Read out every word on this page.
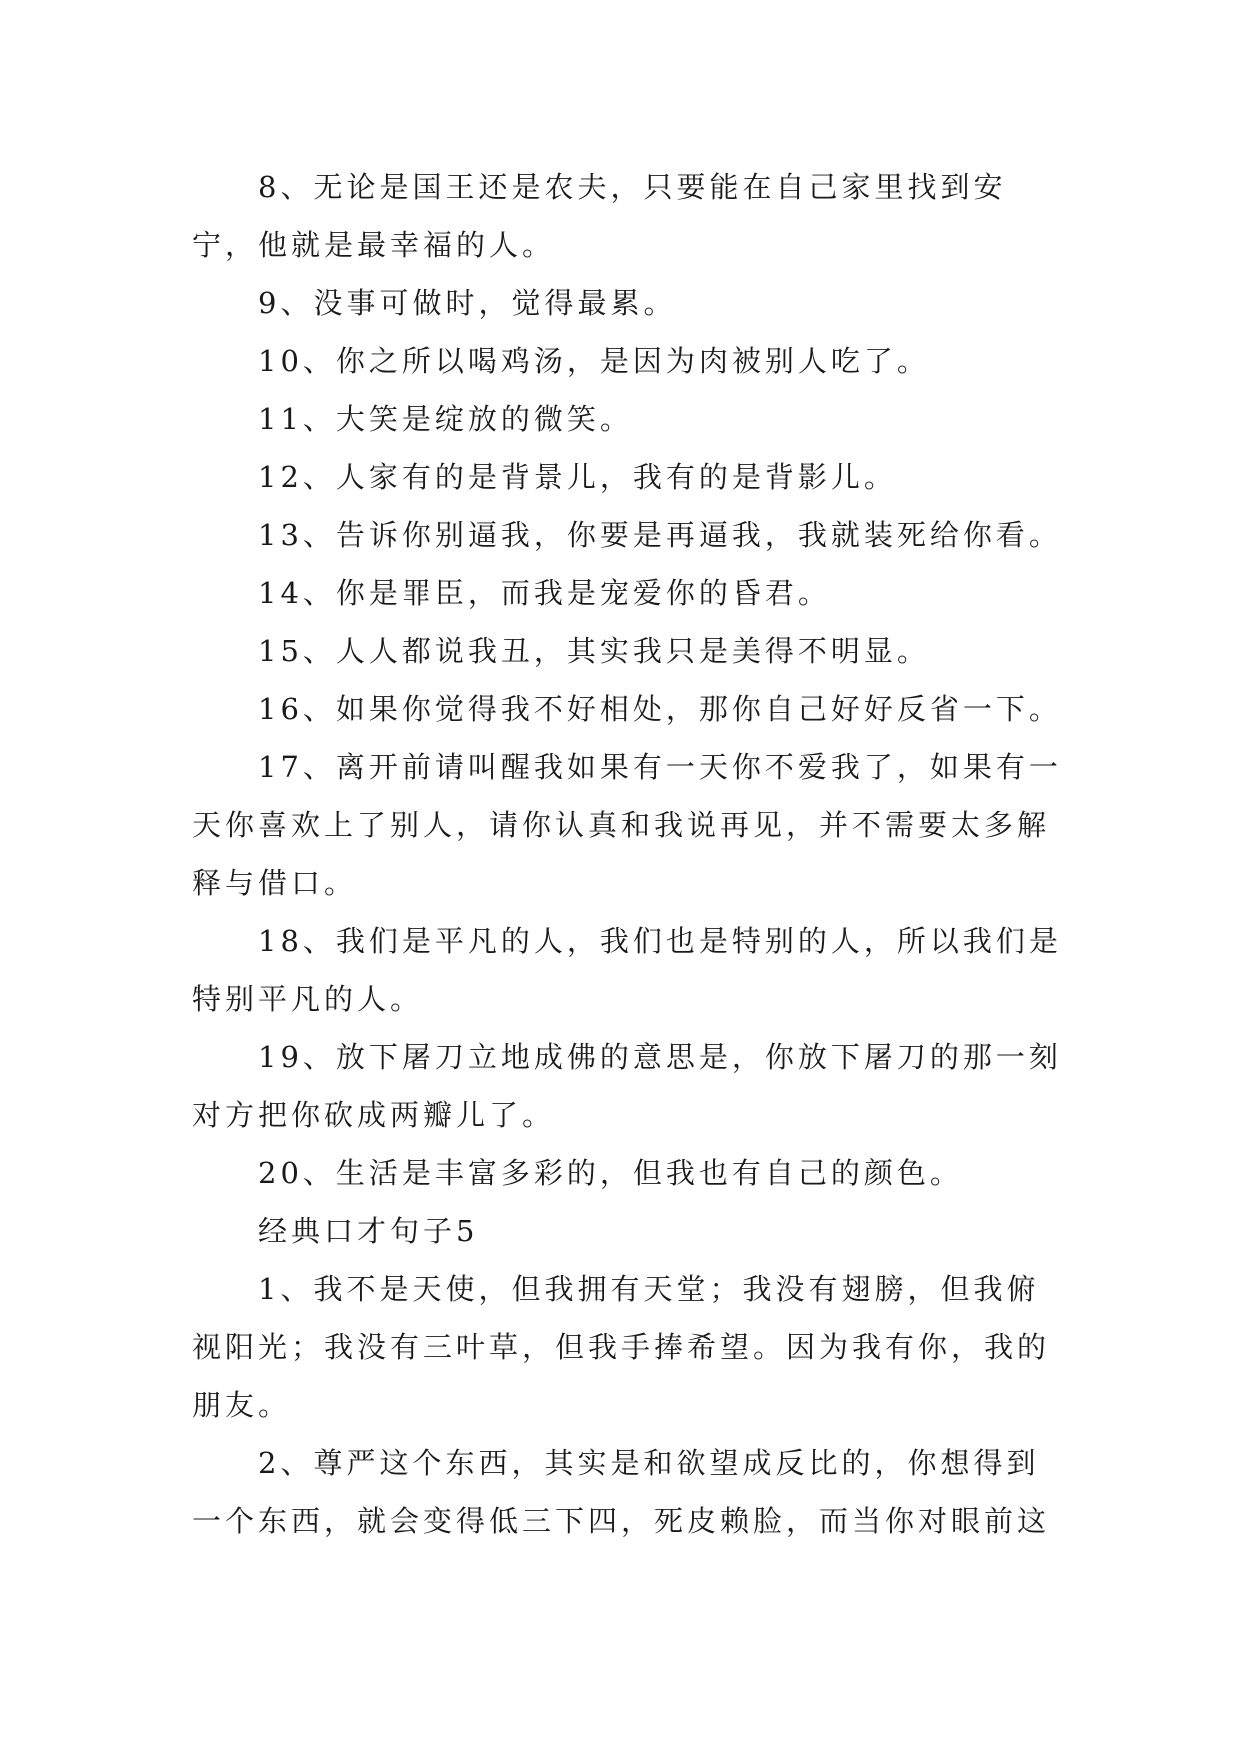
8、无论是国王还是农夫，只要能在自己家里找到安宁，他就是最幸福的人。

9、没事可做时，觉得最累。

10、你之所以喝鸡汤，是因为肉被别人吃了。

11、大笑是绽放的微笑。

12、人家有的是背景儿，我有的是背影儿。

13、告诉你别逼我，你要是再逼我，我就装死给你看。

14、你是罪臣，而我是宠爱你的昏君。

15、人人都说我丑，其实我只是美得不明显。

16、如果你觉得我不好相处，那你自己好好反省一下。

17、离开前请叫醒我如果有一天你不爱我了，如果有一天你喜欢上了别人，请你认真和我说再见，并不需要太多解释与借口。

18、我们是平凡的人，我们也是特别的人，所以我们是特别平凡的人。

19、放下屠刀立地成佛的意思是，你放下屠刀的那一刻对方把你砍成两瓣儿了。

20、生活是丰富多彩的，但我也有自己的颜色。

经典口才句子5

1、我不是天使，但我拥有天堂；我没有翅膀，但我俯视阳光；我没有三叶草，但我手捧希望。因为我有你，我的朋友。

2、尊严这个东西，其实是和欲望成反比的，你想得到一个东西，就会变得低三下四，死皮赖脸，而当你对眼前这
